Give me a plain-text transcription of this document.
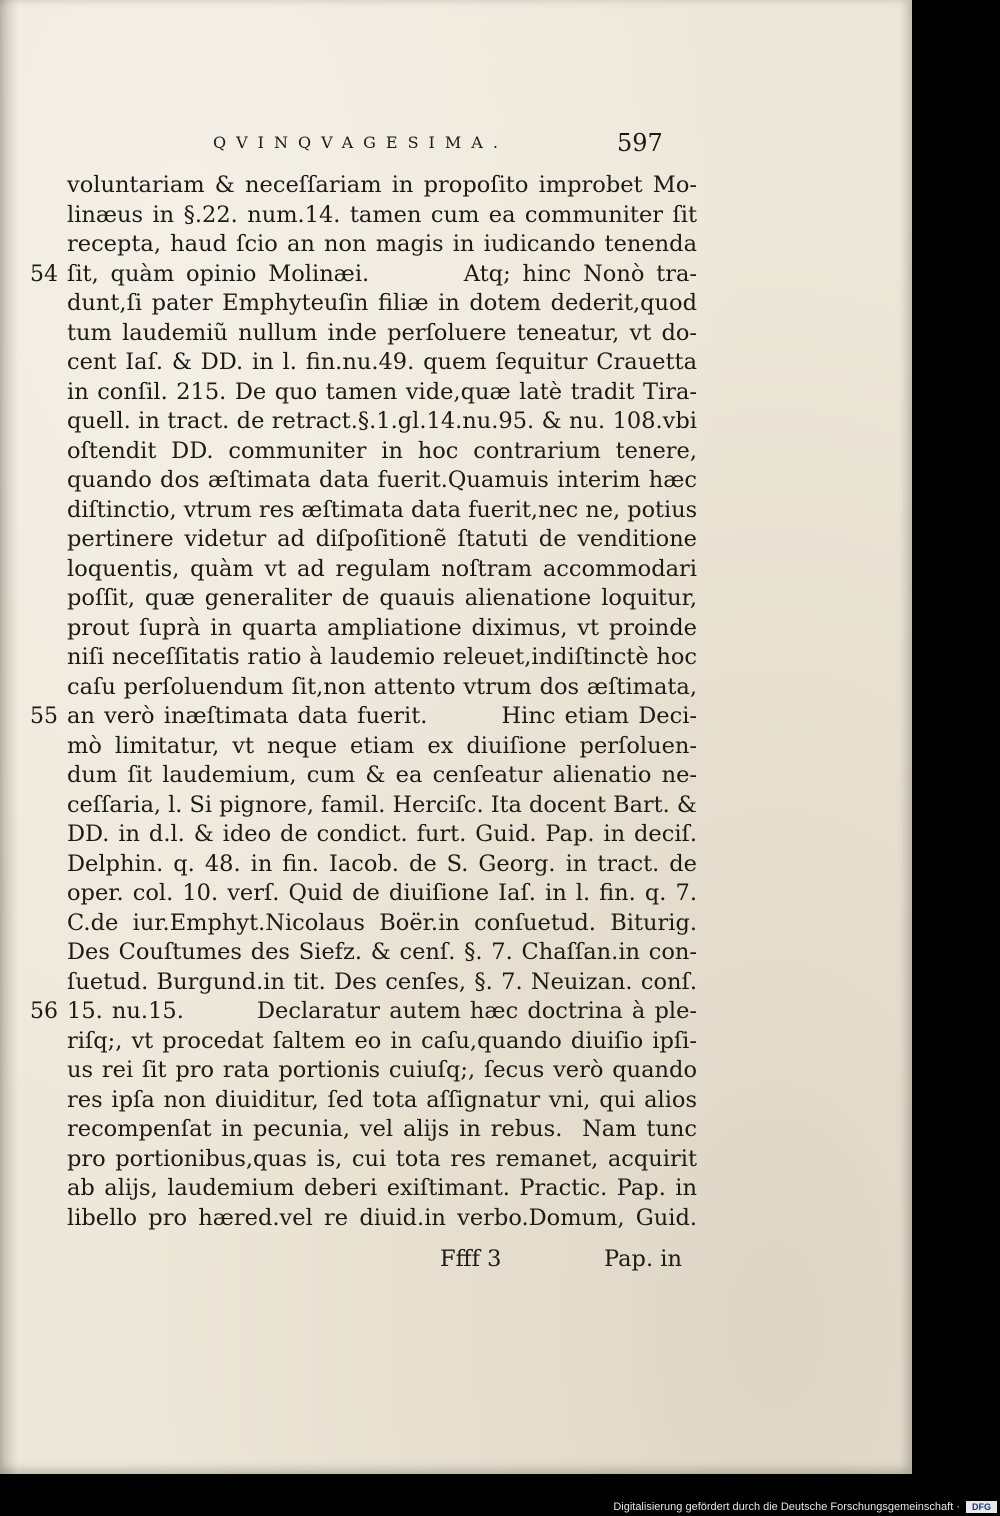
QVINQVAGESIMA.	597
voluntariam & neceſſariam in propoſito improbet Mo-
linæus in §.22. num.14. tamen cum ea communiter ſit
recepta, haud ſcio an non magis in iudicando tenenda
54 ſit, quàm opinio Molinæi.        Atq; hinc Nonò tra-
dunt,ſi pater Emphyteuſin filiæ in dotem dederit,quod
tum laudemiũ nullum inde perſoluere teneatur, vt do-
cent Iaſ. & DD. in l. fin.nu.49. quem ſequitur Crauetta
in conſil. 215. De quo tamen vide,quæ latè tradit Tira-
quell. in tract. de retract.§.1.gl.14.nu.95. & nu. 108.vbi
oſtendit DD. communiter in hoc contrarium tenere,
quando dos æſtimata data fuerit.Quamuis interim hæc
diſtinctio, vtrum res æſtimata data fuerit,nec ne, potius
pertinere videtur ad diſpoſitionẽ ſtatuti de venditione
loquentis, quàm vt ad regulam noſtram accommodari
poſſit, quæ generaliter de quauis alienatione loquitur,
prout ſuprà in quarta ampliatione diximus, vt proinde
niſi neceſſitatis ratio à laudemio releuet,indiſtinctè hoc
caſu perſoluendum ſit,non attento vtrum dos æſtimata,
55 an verò inæſtimata data fuerit.        Hinc etiam Deci-
mò limitatur, vt neque etiam ex diuiſione perſoluen-
dum ſit laudemium, cum & ea cenſeatur alienatio ne-
ceſſaria, l. Si pignore, famil. Herciſc. Ita docent Bart. &
DD. in d.l. & ideo de condict. furt. Guid. Pap. in deciſ.
Delphin. q. 48. in fin. Iacob. de S. Georg. in tract. de
oper. col. 10. verſ. Quid de diuiſione Iaſ. in l. fin. q. 7.
C.de iur.Emphyt.Nicolaus Boër.in conſuetud. Biturig.
Des Couſtumes des Siefz. & cenſ. §. 7. Chaſſan.in con-
ſuetud. Burgund.in tit. Des cenſes, §. 7. Neuizan. conſ.
56 15. nu.15.        Declaratur autem hæc doctrina à ple-
riſq;, vt procedat ſaltem eo in caſu,quando diuiſio ipſi-
us rei ſit pro rata portionis cuiuſq;, ſecus verò quando
res ipſa non diuiditur, ſed tota aſſignatur vni, qui alios
recompenſat in pecunia, vel alijs in rebus.  Nam tunc
pro portionibus,quas is, cui tota res remanet, acquirit
ab alijs, laudemium deberi exiſtimant. Practic. Pap. in
libello pro hæred.vel re diuid.in verbo.Domum, Guid.
Ffff 3	Pap. in
Digitalisierung gefördert durch die Deutsche Forschungsgemeinschaft ·	DFG
